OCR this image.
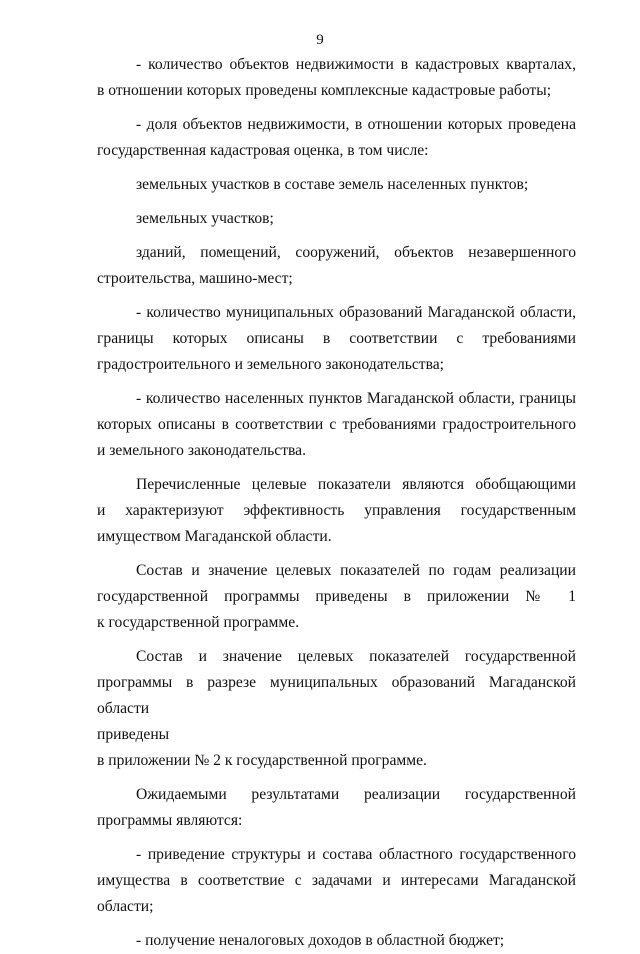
9

- количество объектов недвижимости в кадастровых кварталах,
в отношении которых проведены комплексные кадастровые работы;

- доля объектов недвижимости, в отношении которых проведена
государственная кадастровая оценка, в том числе:

земельных участков в составе земель населенных пунктов;

земельных участков;

зданий, помещений, сооружений, объектов незавершенного
строительства, машино-мест;

- количество муниципальных образований Магаданской области,
границы которых описаны в соответствии с требованиями
градостроительного и земельного законодательства;

- количество населенных пунктов Магаданской области, границы
которых описаны в соответствии с требованиями градостроительного
и земельного законодательства.

Перечисленные целевые показатели являются обобщающими
и характеризуют эффективность управления государственным
имуществом Магаданской области.

Состав и значение целевых показателей по годам реализации
государственной программы приведены в приложении № 1
к государственной программе.

Состав и значение целевых показателей государственной
программы в разрезе муниципальных образований Магаданской области
приведены
в приложении № 2 к государственной программе.

Ожидаемыми результатами реализации государственной
программы являются:

- приведение структуры и состава областного государственного
имущества в соответствие с задачами и интересами Магаданской области;

- получение неналоговых доходов в областной бюджет;
